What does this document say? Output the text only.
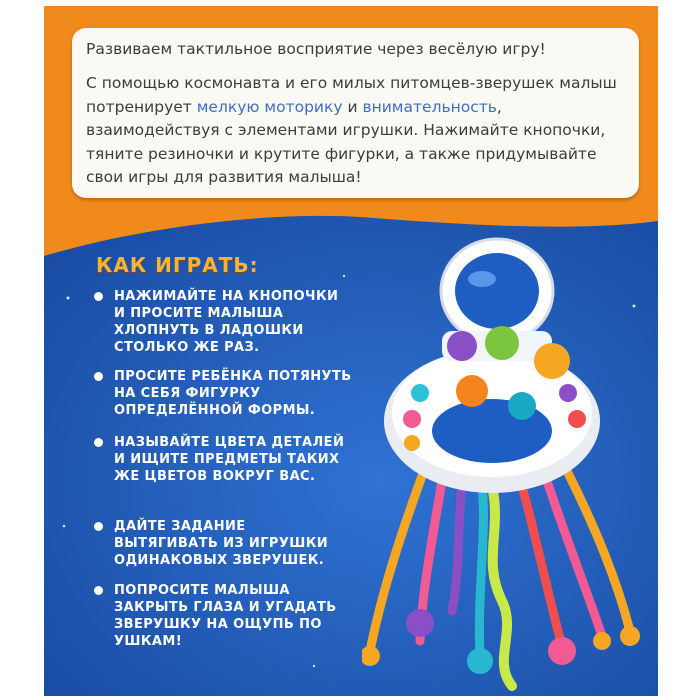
Развиваем тактильное восприятие через весёлую игру!

С помощью космонавта и его милых питомцев-зверушек малыш потренирует мелкую моторику и внимательность, взаимодействуя с элементами игрушки. Нажимайте кнопочки, тяните резиночки и крутите фигурки, а также придумывайте свои игры для развития малыша!

КАК ИГРАТЬ:
НАЖИМАЙТЕ НА КНОПОЧКИ И ПРОСИТЕ МАЛЫША ХЛОПНУТЬ В ЛАДОШКИ СТОЛЬКО ЖЕ РАЗ.
ПРОСИТЕ РЕБЁНКА ПОТЯНУТЬ НА СЕБЯ ФИГУРКУ ОПРЕДЕЛЁННОЙ ФОРМЫ.
НАЗЫВАЙТЕ ЦВЕТА ДЕТАЛЕЙ И ИЩИТЕ ПРЕДМЕТЫ ТАКИХ ЖЕ ЦВЕТОВ ВОКРУГ ВАС.
ДАЙТЕ ЗАДАНИЕ ВЫТЯГИВАТЬ ИЗ ИГРУШКИ ОДИНАКОВЫХ ЗВЕРУШЕК.
ПОПРОСИТЕ МАЛЫША ЗАКРЫТЬ ГЛАЗА И УГАДАТЬ ЗВЕРУШКУ НА ОЩУПЬ ПО УШКАМ!
